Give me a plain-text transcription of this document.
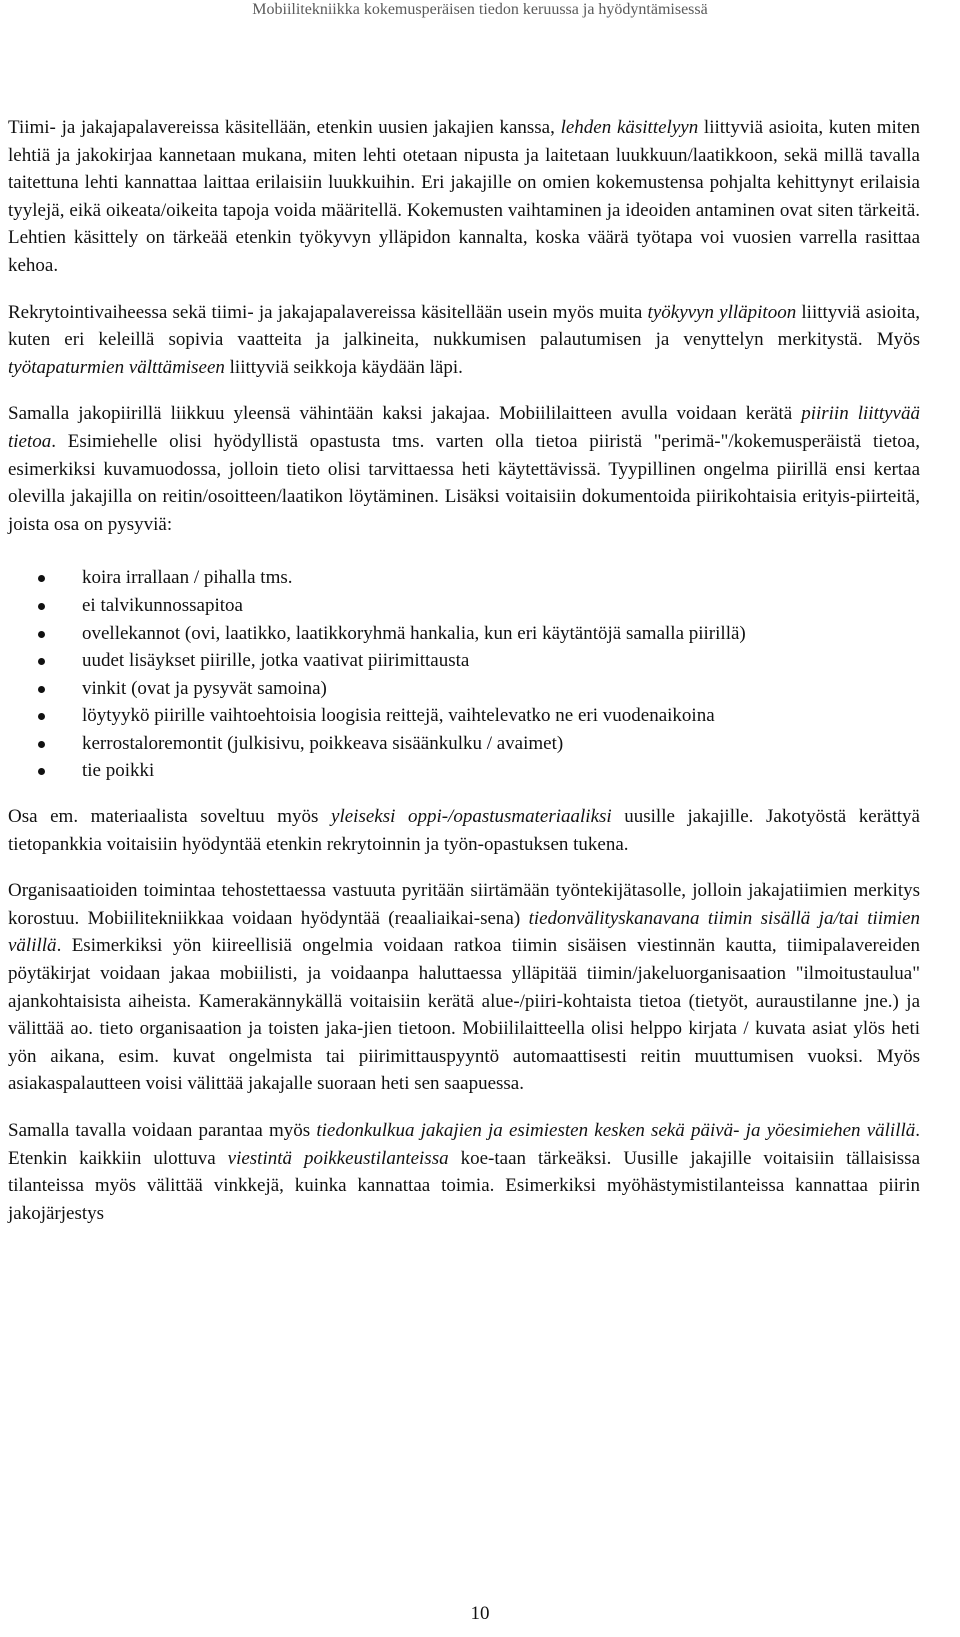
Mobiilitekniikka kokemusperäisen tiedon keruussa ja hyödyntämisessä

Tiimi- ja jakajapalavereissa käsitellään, etenkin uusien jakajien kanssa, lehden käsittelyyn liittyviä asioita, kuten miten lehtiä ja jakokirjaa kannetaan mukana, miten lehti otetaan nipusta ja laitetaan luukkuun/laatikkoon, sekä millä tavalla taitettuna lehti kannattaa laittaa erilaisiin luukkuihin. Eri jakajille on omien kokemustensa pohjalta kehittynyt erilaisia tyylejä, eikä oikeata/oikeita tapoja voida määritellä. Kokemusten vaihtaminen ja ideoiden antaminen ovat siten tärkeitä. Lehtien käsittely on tärkeää etenkin työkyvyn ylläpidon kannalta, koska väärä työtapa voi vuosien varrella rasittaa kehoa.

Rekrytointivaiheessa sekä tiimi- ja jakajapalavereissa käsitellään usein myös muita työkyvyn ylläpitoon liittyviä asioita, kuten eri keleillä sopivia vaatteita ja jalkineita, nukkumisen palautumisen ja venyttelyn merkitystä. Myös työtapaturmien välttämiseen liittyviä seikkoja käydään läpi.

Samalla jakopiirillä liikkuu yleensä vähintään kaksi jakajaa. Mobiililaitteen avulla voidaan kerätä piiriin liittyvää tietoa. Esimiehelle olisi hyödyllistä opastusta tms. varten olla tietoa piiristä "perimä-"/kokemusperäistä tietoa, esimerkiksi kuvamuodossa, jolloin tieto olisi tarvittaessa heti käytettävissä. Tyypillinen ongelma piirillä ensi kertaa olevilla jakajilla on reitin/osoitteen/laatikon löytäminen. Lisäksi voitaisiin dokumentoida piirikohtaisia erityis-piirteitä, joista osa on pysyviä:

koira irrallaan / pihalla tms.
ei talvikunnossapitoa
ovellekannot (ovi, laatikko, laatikkoryhmä hankalia, kun eri käytäntöjä samalla piirillä)
uudet lisäykset piirille, jotka vaativat piirimittausta
vinkit (ovat ja pysyvät samoina)
löytyykö piirille vaihtoehtoisia loogisia reittejä, vaihtelevatko ne eri vuodenaikoina
kerrostaloremontit (julkisivu, poikkeava sisäänkulku / avaimet)
tie poikki

Osa em. materiaalista soveltuu myös yleiseksi oppi-/opastusmateriaaliksi uusille jakajille. Jakotyöstä kerättyä tietopankkia voitaisiin hyödyntää etenkin rekrytoinnin ja työn-opastuksen tukena.

Organisaatioiden toimintaa tehostettaessa vastuuta pyritään siirtämään työntekijätasolle, jolloin jakajatiimien merkitys korostuu. Mobiilitekniikkaa voidaan hyödyntää (reaaliaikai-sena) tiedonvälityskanavana tiimin sisällä ja/tai tiimien välillä. Esimerkiksi yön kiireellisiä ongelmia voidaan ratkoa tiimin sisäisen viestinnän kautta, tiimipalavereiden pöytäkirjat voidaan jakaa mobiilisti, ja voidaanpa haluttaessa ylläpitää tiimin/jakeluorganisaation "ilmoitustaulua" ajankohtaisista aiheista. Kamerakännykällä voitaisiin kerätä alue-/piiri-kohtaista tietoa (tietyöt, auraustilanne jne.) ja välittää ao. tieto organisaation ja toisten jaka-jien tietoon. Mobiililaitteella olisi helppo kirjata / kuvata asiat ylös heti yön aikana, esim. kuvat ongelmista tai piirimittauspyyntö automaattisesti reitin muuttumisen vuoksi. Myös asiakaspalautteen voisi välittää jakajalle suoraan heti sen saapuessa.

Samalla tavalla voidaan parantaa myös tiedonkulkua jakajien ja esimiesten kesken sekä päivä- ja yöesimiehen välillä. Etenkin kaikkiin ulottuva viestintä poikkeustilanteissa koe-taan tärkeäksi. Uusille jakajille voitaisiin tällaisissa tilanteissa myös välittää vinkkejä, kuinka kannattaa toimia. Esimerkiksi myöhästymistilanteissa kannattaa piirin jakojärjestys

10
